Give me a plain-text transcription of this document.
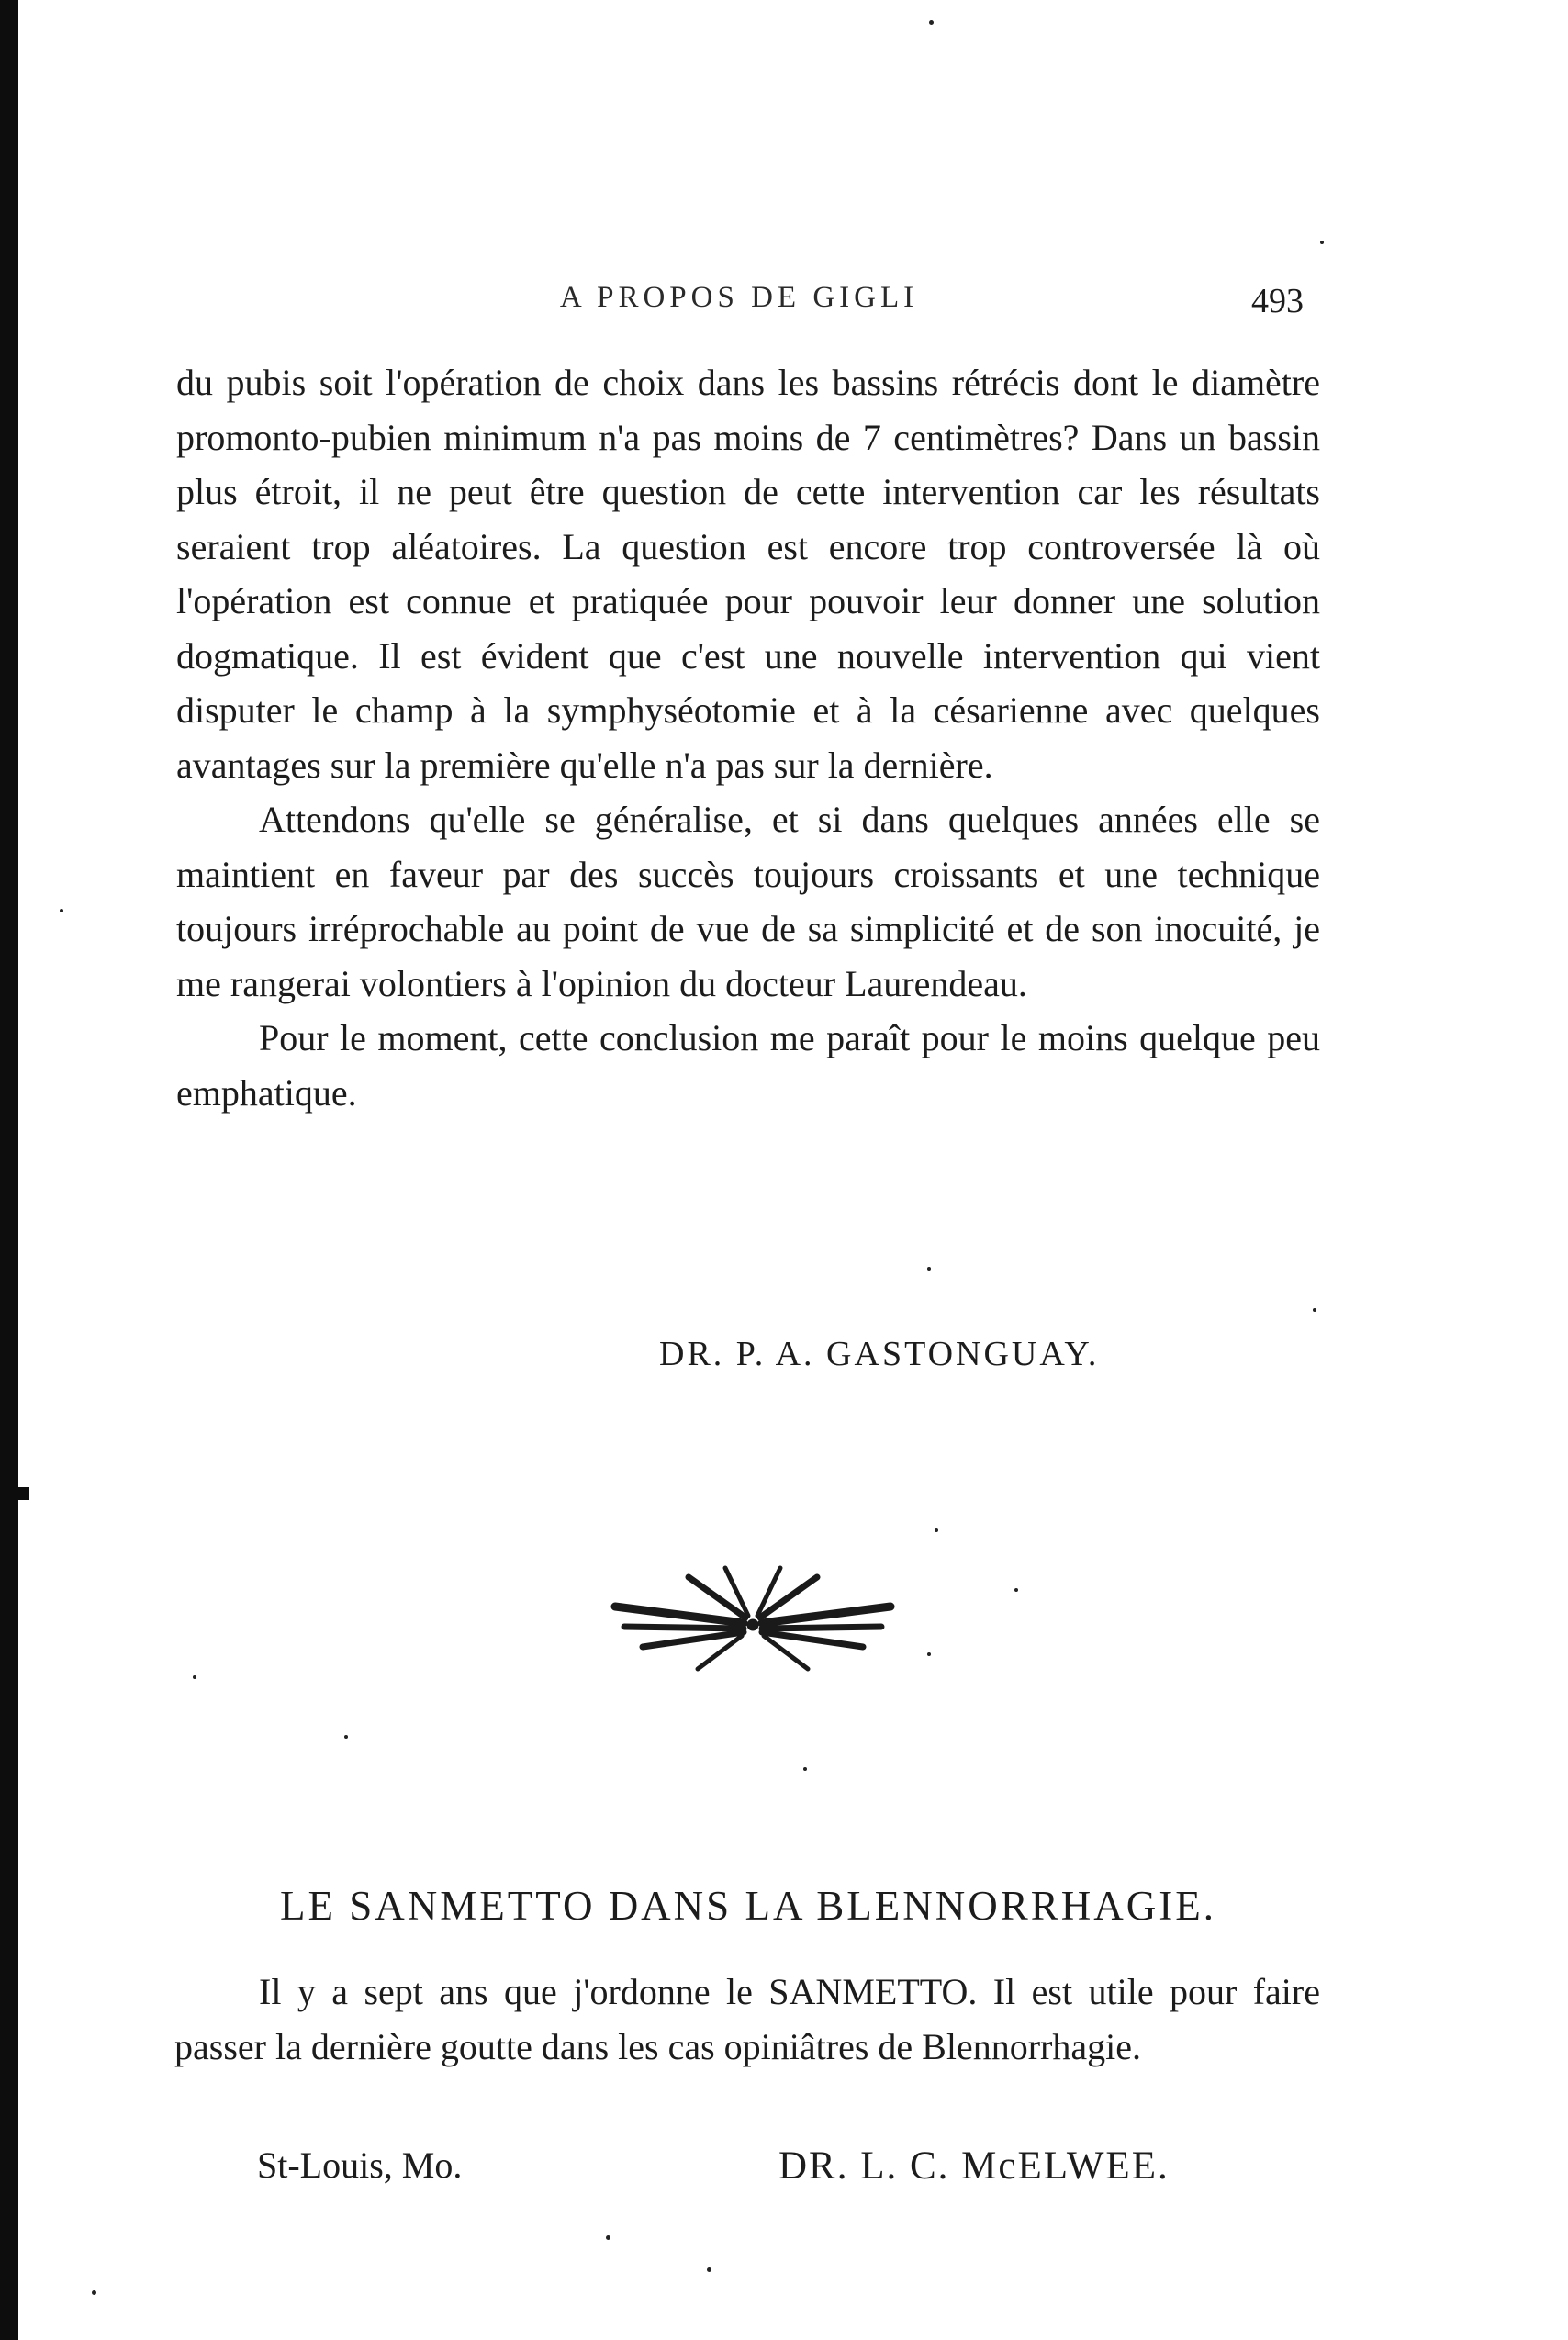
A PROPOS DE GIGLI	493

du pubis soit l'opération de choix dans les bassins rétrécis dont le diamètre promonto-pubien minimum n'a pas moins de 7 centimètres? Dans un bassin plus étroit, il ne peut être question de cette intervention car les résultats seraient trop aléatoires. La question est encore trop controversée là où l'opération est connue et pratiquée pour pouvoir leur donner une solution dogmatique. Il est évident que c'est une nouvelle intervention qui vient disputer le champ à la symphyséotomie et à la césarienne avec quelques avantages sur la première qu'elle n'a pas sur la dernière.

Attendons qu'elle se généralise, et si dans quelques années elle se maintient en faveur par des succès toujours croissants et une technique toujours irréprochable au point de vue de sa simplicité et de son inocuité, je me rangerai volontiers à l'opinion du docteur Laurendeau.

Pour le moment, cette conclusion me paraît pour le moins quelque peu emphatique.

DR. P. A. GASTONGUAY.
LE SANMETTO DANS LA BLENNORRHAGIE.

Il y a sept ans que j'ordonne le SANMETTO. Il est utile pour faire passer la dernière goutte dans les cas opiniâtres de Blennorrhagie.

St-Louis, Mo.	DR. L. C. McELWEE.
